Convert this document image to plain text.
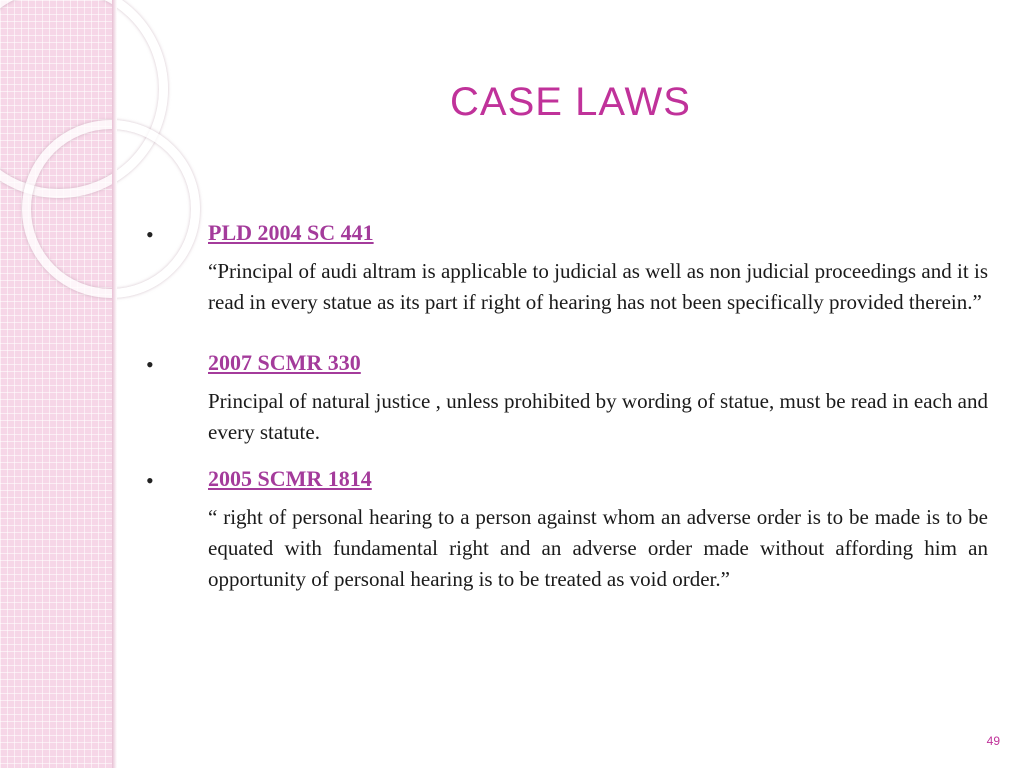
CASE LAWS
• PLD 2004 SC 441

“Principal of audi altram is applicable to judicial as well as non judicial proceedings and it is read in every statue as its part if right of hearing has not been specifically provided therein.”

• 2007 SCMR 330

Principal of natural justice , unless prohibited by wording of statue, must be read in each and every statute.

• 2005 SCMR 1814

“ right of personal hearing to a person against whom an adverse order is to be made is to be equated with fundamental right and an adverse order made without affording him an opportunity of personal hearing is to be treated as void order.”

49
